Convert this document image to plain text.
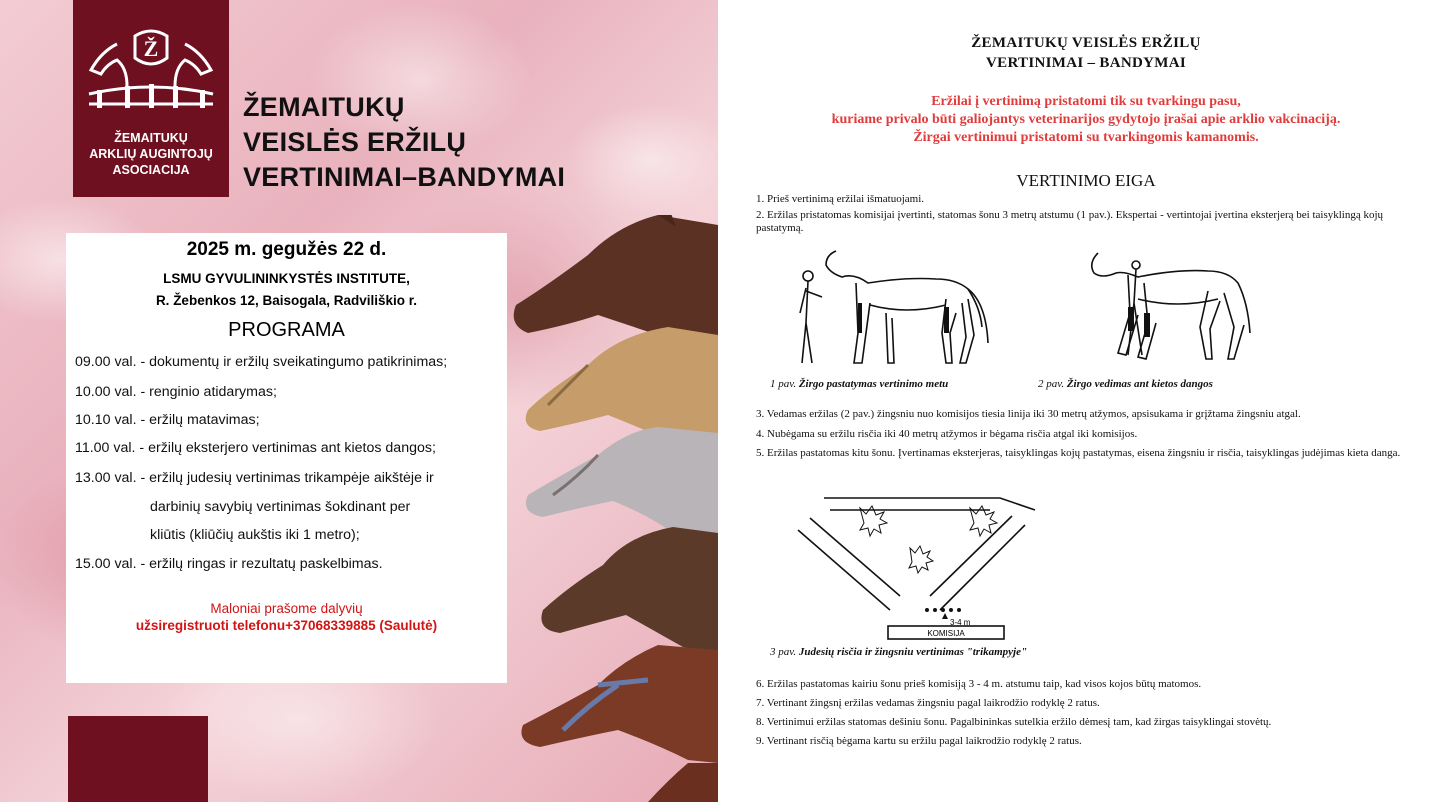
Ž
ŽEMAITUKŲ
ARKLIŲ AUGINTOJŲ
ASOCIACIJA
ŽEMAITUKŲ
VEISLĖS ERŽILŲ
VERTINIMAI–BANDYMAI
2025 m. gegužės 22 d.
LSMU GYVULININKYSTĖS INSTITUTE,
R. Žebenkos 12, Baisogala, Radviliškio r.
PROGRAMA
09.00 val. - dokumentų ir eržilų sveikatingumo patikrinimas;
10.00 val. - renginio atidarymas;
10.10 val. - eržilų matavimas;
11.00 val. - eržilų eksterjero vertinimas ant kietos dangos;
13.00 val. - eržilų judesių vertinimas trikampėje aikštėje ir
darbinių savybių vertinimas šokdinant per
kliūtis (kliūčių aukštis iki 1 metro);
15.00 val. - eržilų ringas ir rezultatų paskelbimas.
Maloniai prašome dalyvių
užsiregistruoti telefonu+37068339885 (Saulutė)
ŽEMAITUKŲ VEISLĖS ERŽILŲ
VERTINIMAI – BANDYMAI
Eržilai į vertinimą pristatomi tik su tvarkingu pasu,
kuriame privalo būti galiojantys veterinarijos gydytojo įrašai apie arklio vakcinaciją.
Žirgai vertinimui pristatomi su tvarkingomis kamanomis.
VERTINIMO EIGA
1. Prieš vertinimą eržilai išmatuojami.
2. Eržilas pristatomas komisijai įvertinti, statomas šonu 3 metrų atstumu (1 pav.). Ekspertai - vertintojai įvertina eksterjerą bei taisyklingą kojų pastatymą.
1 pav. Žirgo pastatymas vertinimo metu	2 pav. Žirgo vedimas ant kietos dangos
3. Vedamas eržilas (2 pav.) žingsniu nuo komisijos tiesia linija iki 30 metrų atžymos, apsisukama ir grįžtama žingsniu atgal.
4. Nubėgama su eržilu risčia iki 40 metrų atžymos ir bėgama risčia atgal iki komisijos.
5. Eržilas pastatomas kitu šonu. Įvertinamas eksterjeras, taisyklingas kojų pastatymas, eisena žingsniu ir risčia, taisyklingas judėjimas kieta danga.
3-4 m
KOMISIJA
3 pav. Judesių risčia ir žingsniu vertinimas "trikampyje"
6. Eržilas pastatomas kairiu šonu prieš komisiją 3 - 4 m. atstumu taip, kad visos kojos būtų matomos.
7. Vertinant žingsnį eržilas vedamas žingsniu pagal laikrodžio rodyklę 2 ratus.
8. Vertinimui eržilas statomas dešiniu šonu. Pagalbininkas sutelkia eržilo dėmesį tam, kad žirgas taisyklingai stovėtų.
9. Vertinant risčią bėgama kartu su eržilu pagal laikrodžio rodyklę 2 ratus.
